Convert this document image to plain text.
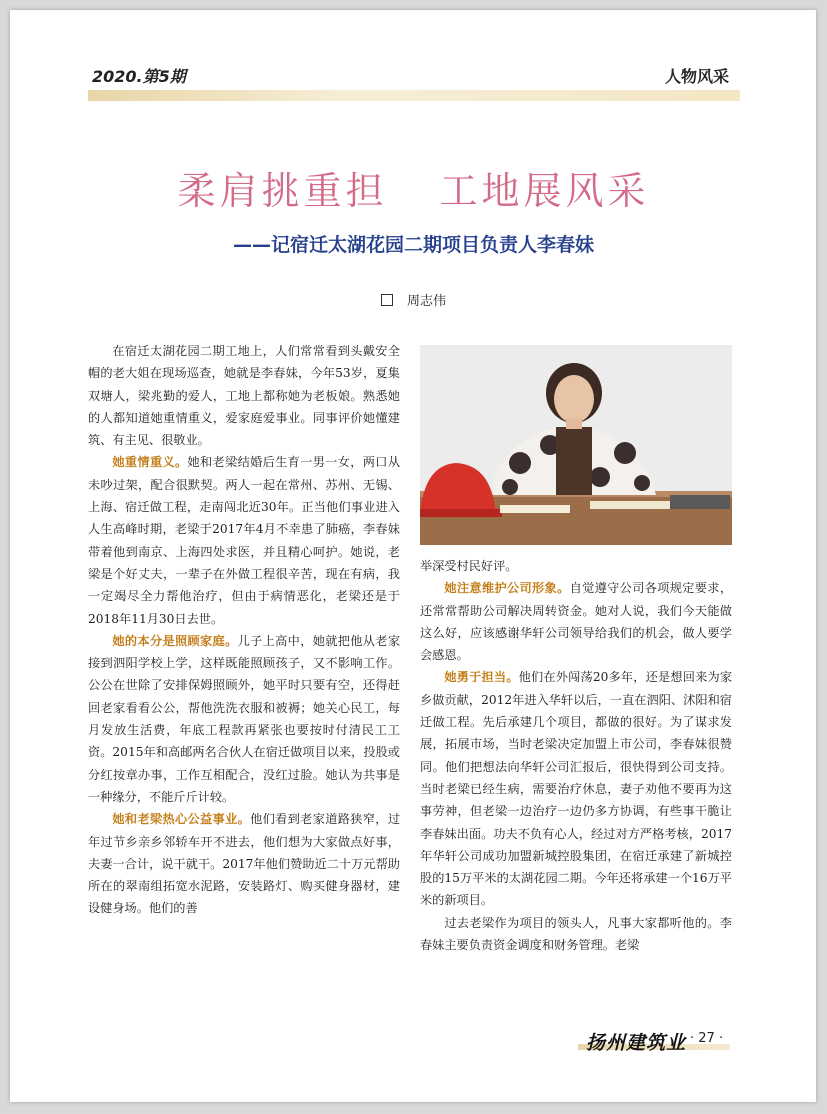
2020.第5期	人物风采
柔肩挑重担 工地展风采
——记宿迁太湖花园二期项目负责人李春妹
周志伟

在宿迁太湖花园二期工地上，人们常常看到头戴安全帽的老大姐在现场巡查，她就是李春妹，今年53岁，夏集双塘人，梁兆勤的爱人，工地上都称她为老板娘。熟悉她的人都知道她重情重义，爱家庭爱事业。同事评价她懂建筑、有主见、很敬业。

她重情重义。她和老梁结婚后生育一男一女，两口从未吵过架，配合很默契。两人一起在常州、苏州、无锡、上海、宿迁做工程，走南闯北近30年。正当他们事业进入人生高峰时期，老梁于2017年4月不幸患了肺癌，李春妹带着他到南京、上海四处求医，并且精心呵护。她说，老梁是个好丈夫，一辈子在外做工程很辛苦，现在有病，我一定竭尽全力帮他治疗，但由于病情恶化，老梁还是于2018年11月30日去世。

她的本分是照顾家庭。儿子上高中，她就把他从老家接到泗阳学校上学，这样既能照顾孩子，又不影响工作。公公在世除了安排保姆照顾外，她平时只要有空，还得赶回老家看看公公，帮他洗洗衣服和被褥；她关心民工，每月发放生活费，年底工程款再紧张也要按时付清民工工资。2015年和高邮两名合伙人在宿迁做项目以来，投股或分红按章办事，工作互相配合，没红过脸。她认为共事是一种缘分，不能斤斤计较。

她和老梁热心公益事业。他们看到老家道路狭窄，过年过节乡亲乡邻轿车开不进去，他们想为大家做点好事，夫妻一合计，说干就干。2017年他们赞助近二十万元帮助所在的翠南组拓宽水泥路，安装路灯、购买健身器材，建设健身场。他们的善

举深受村民好评。

她注意维护公司形象。自觉遵守公司各项规定要求，还常常帮助公司解决周转资金。她对人说，我们今天能做这么好，应该感谢华轩公司领导给我们的机会，做人要学会感恩。

她勇于担当。他们在外闯荡20多年，还是想回来为家乡做贡献，2012年进入华轩以后，一直在泗阳、沭阳和宿迁做工程。先后承建几个项目，都做的很好。为了谋求发展，拓展市场，当时老梁决定加盟上市公司，李春妹很赞同。他们把想法向华轩公司汇报后，很快得到公司支持。当时老梁已经生病，需要治疗休息，妻子劝他不要再为这事劳神，但老梁一边治疗一边仍多方协调，有些事干脆让李春妹出面。功夫不负有心人，经过对方严格考核，2017年华轩公司成功加盟新城控股集团，在宿迁承建了新城控股的15万平米的太湖花园二期。今年还将承建一个16万平米的新项目。

过去老梁作为项目的领头人，凡事大家都听他的。李春妹主要负责资金调度和财务管理。老梁

扬州建筑业 · 27 ·
